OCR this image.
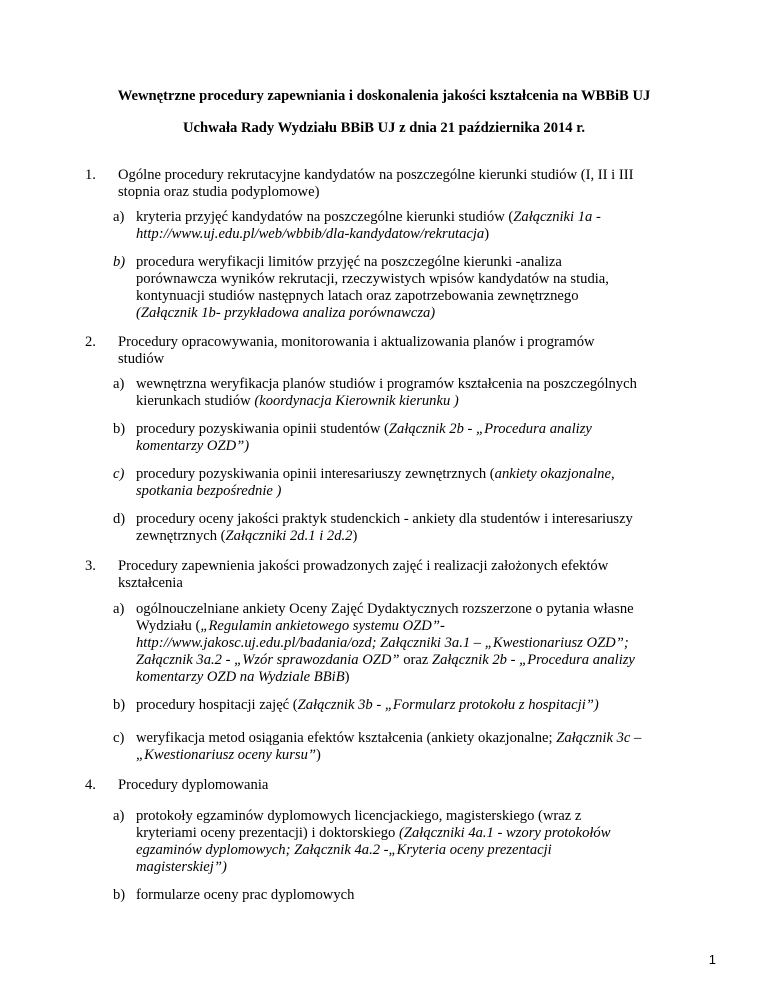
Wewnętrzne procedury zapewniania i doskonalenia jakości kształcenia na WBBiB UJ
Uchwała Rady Wydziału BBiB UJ z dnia 21 października 2014 r.
1.	Ogólne procedury rekrutacyjne kandydatów na poszczególne kierunki studiów (I, II i III
stopnia oraz studia podyplomowe)
a) kryteria przyjęć kandydatów na poszczególne kierunki studiów (Załączniki 1a -
http://www.uj.edu.pl/web/wbbib/dla-kandydatow/rekrutacja)
b) procedura weryfikacji limitów przyjęć na poszczególne kierunki -analiza
porównawcza wyników rekrutacji, rzeczywistych wpisów kandydatów na studia,
kontynuacji studiów następnych latach oraz zapotrzebowania zewnętrznego
(Załącznik 1b- przykładowa analiza porównawcza)
2.	Procedury opracowywania, monitorowania i aktualizowania planów i programów
studiów
a) wewnętrzna weryfikacja planów studiów i programów kształcenia na poszczególnych
kierunkach studiów (koordynacja Kierownik kierunku )
b) procedury pozyskiwania opinii studentów (Załącznik 2b - „Procedura analizy
komentarzy OZD”)
c) procedury pozyskiwania opinii interesariuszy zewnętrznych (ankiety okazjonalne,
spotkania bezpośrednie )
d) procedury oceny jakości praktyk studenckich - ankiety dla studentów i interesariuszy
zewnętrznych (Załączniki 2d.1 i 2d.2)
3.	Procedury zapewnienia jakości prowadzonych zajęć i realizacji założonych efektów
kształcenia
a) ogólnouczelniane ankiety Oceny Zajęć Dydaktycznych rozszerzone o pytania własne
Wydziału („Regulamin ankietowego systemu OZD”-
http://www.jakosc.uj.edu.pl/badania/ozd; Załączniki 3a.1 – „Kwestionariusz OZD”;
Załącznik 3a.2 - „Wzór sprawozdania OZD” oraz Załącznik 2b - „Procedura analizy
komentarzy OZD na Wydziale BBiB)
b) procedury hospitacji zajęć (Załącznik 3b - „Formularz protokołu z hospitacji”)
c) weryfikacja metod osiągania efektów kształcenia (ankiety okazjonalne; Załącznik 3c –
„Kwestionariusz oceny kursu”)
4.	Procedury dyplomowania
a) protokoły egzaminów dyplomowych licencjackiego, magisterskiego (wraz z
kryteriami oceny prezentacji) i doktorskiego (Załączniki 4a.1 - wzory protokołów
egzaminów dyplomowych; Załącznik 4a.2 -„Kryteria oceny prezentacji
magisterskiej”)
b) formularze oceny prac dyplomowych
1
